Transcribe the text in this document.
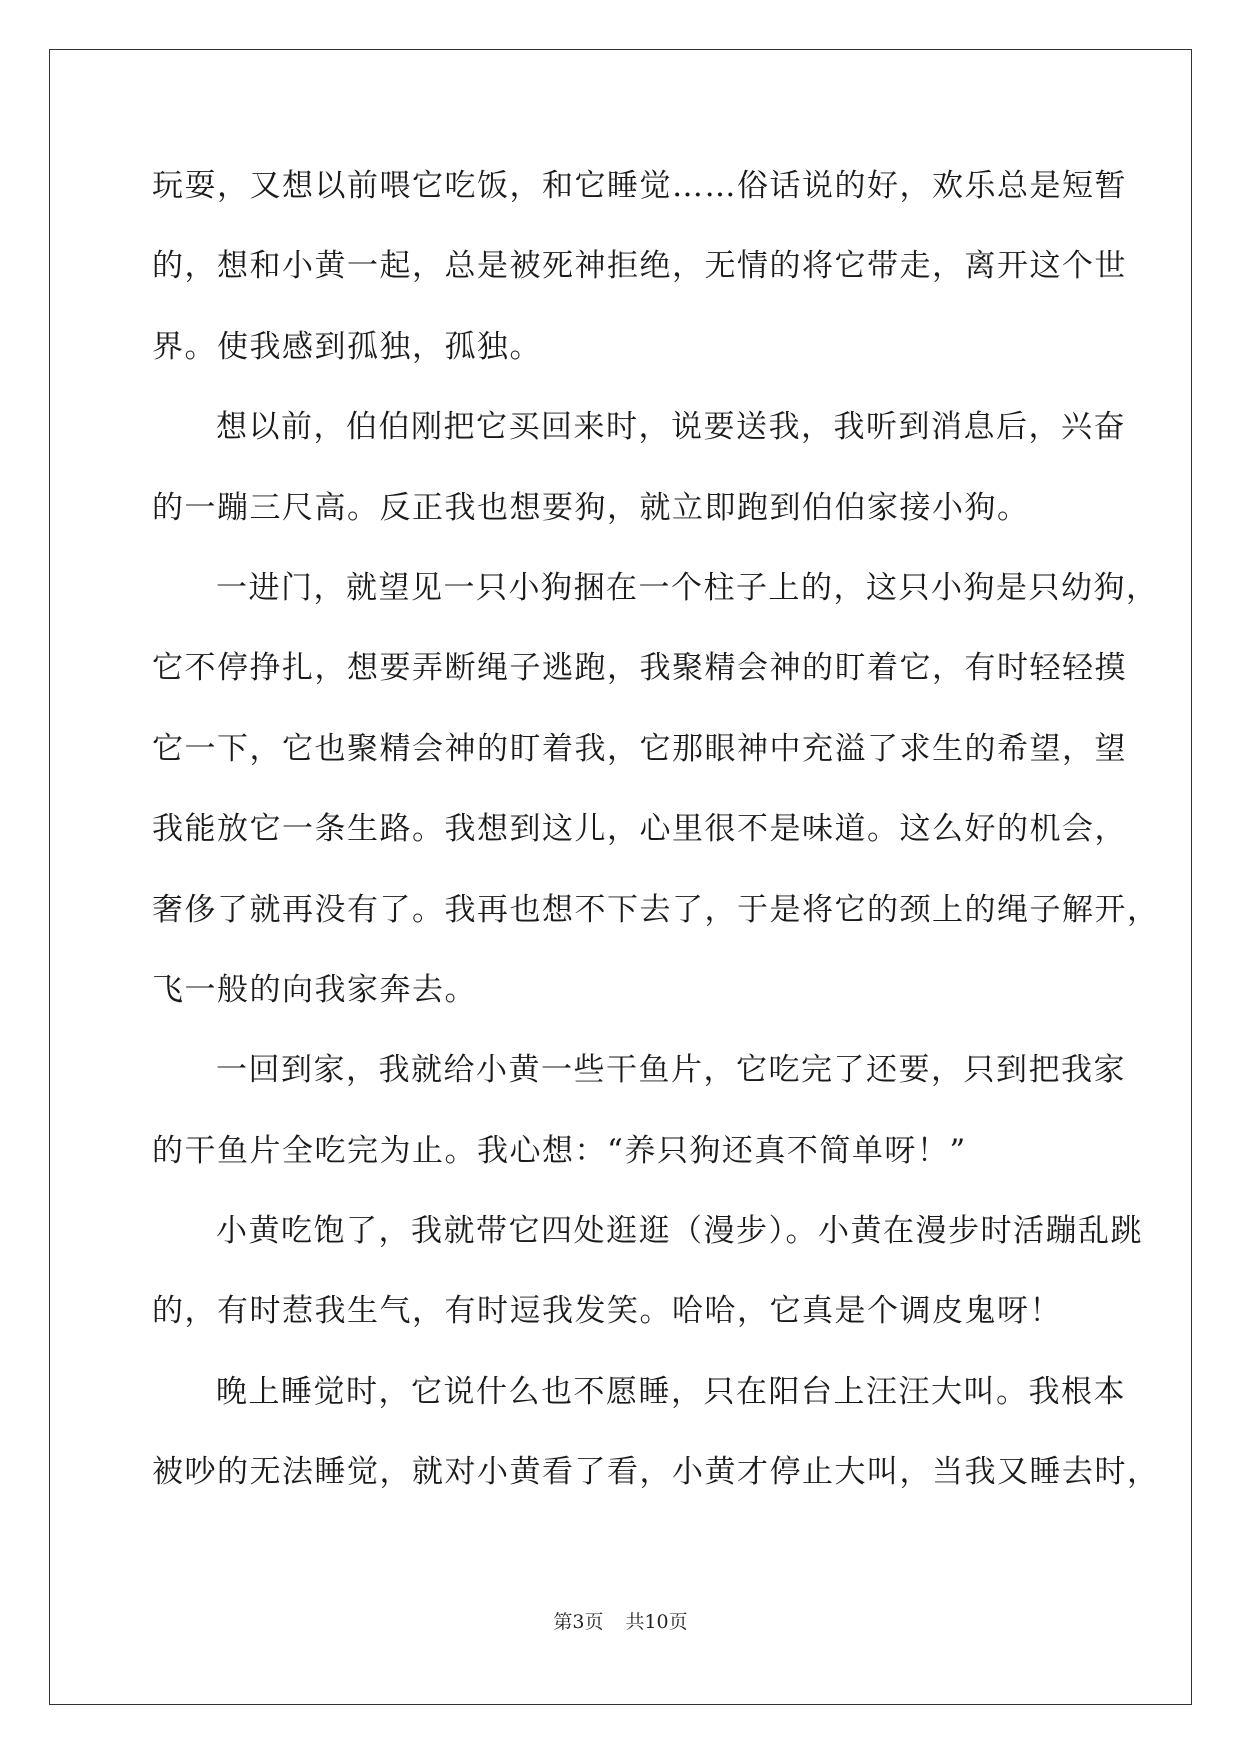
玩耍，又想以前喂它吃饭，和它睡觉……俗话说的好，欢乐总是短暂
的，想和小黄一起，总是被死神拒绝，无情的将它带走，离开这个世
界。使我感到孤独，孤独。
想以前，伯伯刚把它买回来时，说要送我，我听到消息后，兴奋
的一蹦三尺高。反正我也想要狗，就立即跑到伯伯家接小狗。
一进门，就望见一只小狗捆在一个柱子上的，这只小狗是只幼狗，
它不停挣扎，想要弄断绳子逃跑，我聚精会神的盯着它，有时轻轻摸
它一下，它也聚精会神的盯着我，它那眼神中充溢了求生的希望，望
我能放它一条生路。我想到这儿，心里很不是味道。这么好的机会，
奢侈了就再没有了。我再也想不下去了，于是将它的颈上的绳子解开，
飞一般的向我家奔去。
一回到家，我就给小黄一些干鱼片，它吃完了还要，只到把我家
的干鱼片全吃完为止。我心想：“养只狗还真不简单呀！”
小黄吃饱了，我就带它四处逛逛（漫步）。小黄在漫步时活蹦乱跳
的，有时惹我生气，有时逗我发笑。哈哈，它真是个调皮鬼呀！
晚上睡觉时，它说什么也不愿睡，只在阳台上汪汪大叫。我根本
被吵的无法睡觉，就对小黄看了看，小黄才停止大叫，当我又睡去时，
第3页 共10页
